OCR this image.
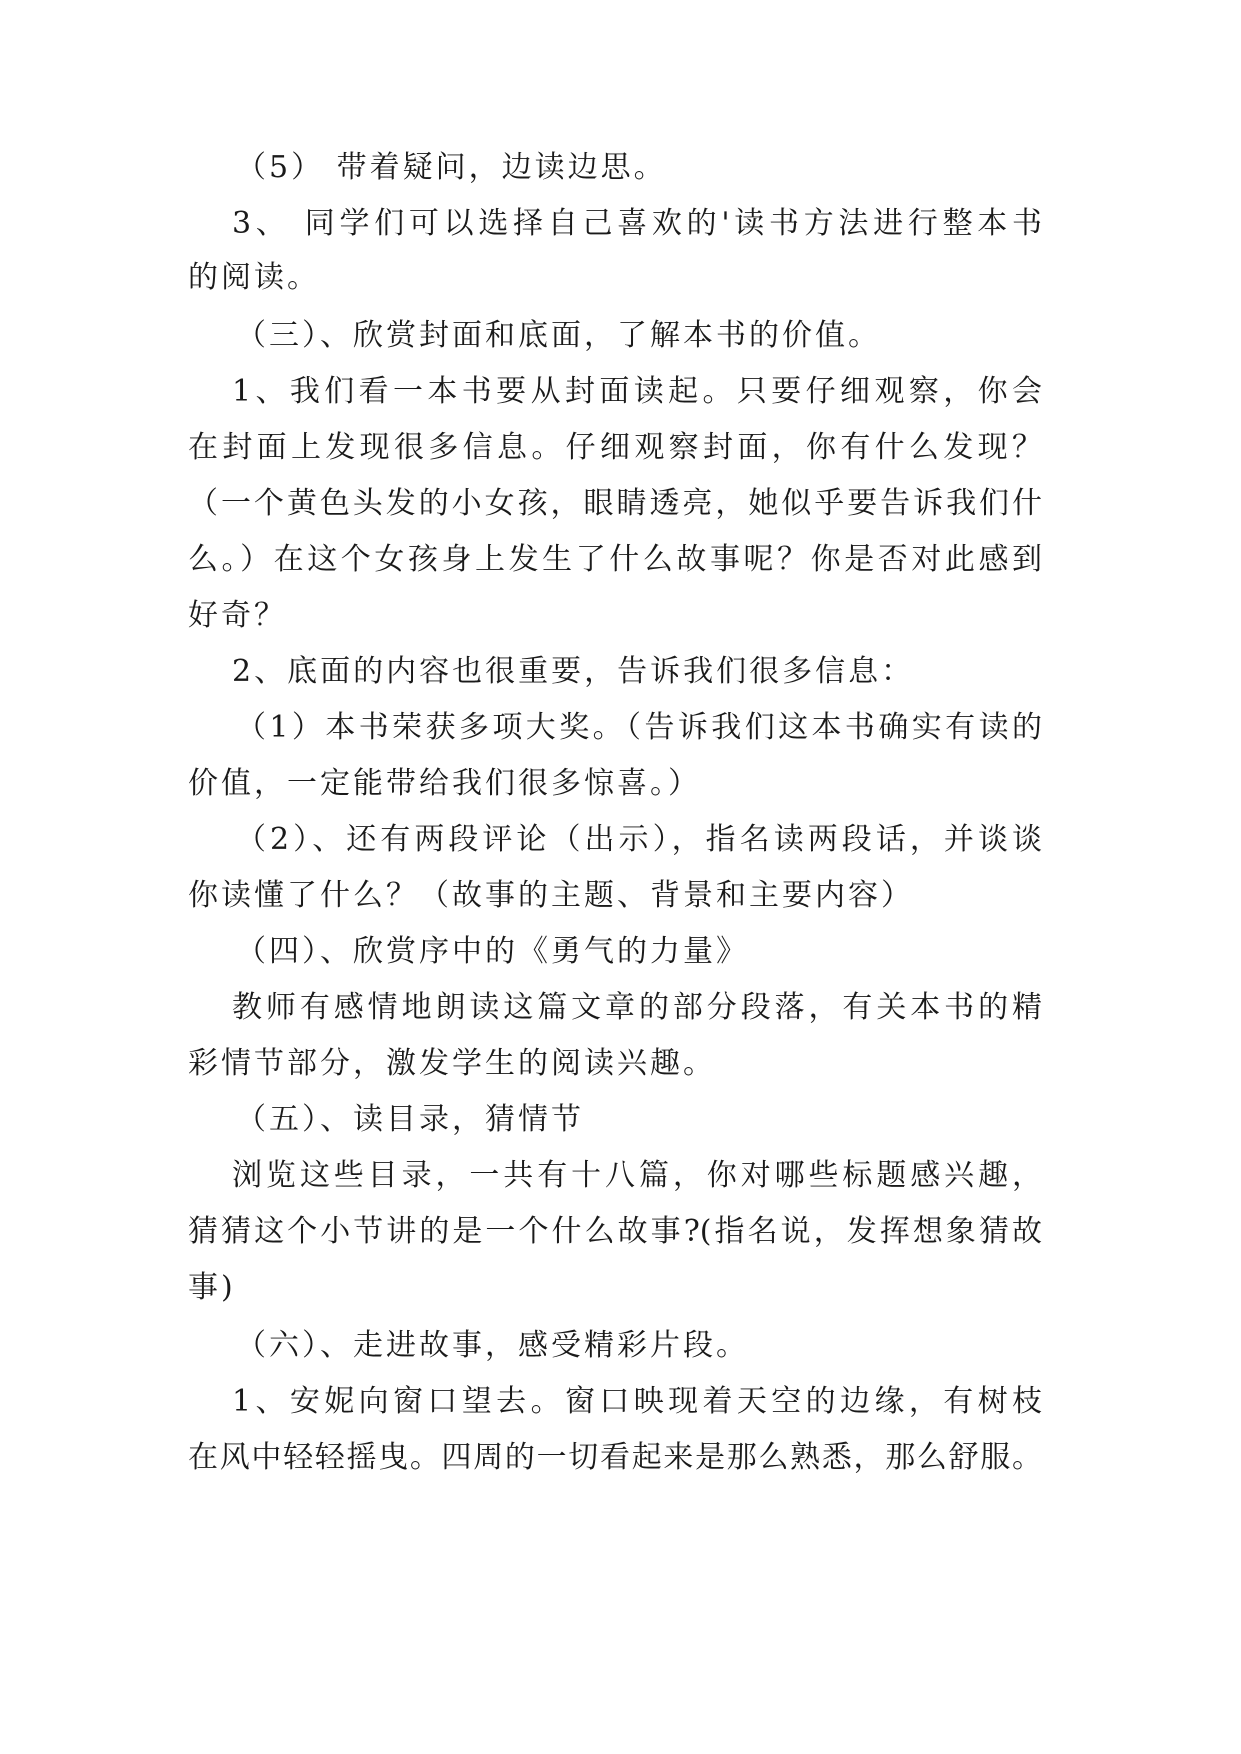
（5） 带着疑问，边读边思。
3、 同学们可以选择自己喜欢的'读书方法进行整本书
的阅读。
（三）、欣赏封面和底面，了解本书的价值。
1、我们看一本书要从封面读起。只要仔细观察，你会
在封面上发现很多信息。仔细观察封面，你有什么发现？
（一个黄色头发的小女孩，眼睛透亮，她似乎要告诉我们什
么。）在这个女孩身上发生了什么故事呢？你是否对此感到
好奇？
2、底面的内容也很重要，告诉我们很多信息：
（1）本书荣获多项大奖。（告诉我们这本书确实有读的
价值，一定能带给我们很多惊喜。）
（2）、还有两段评论（出示），指名读两段话，并谈谈
你读懂了什么？（故事的主题、背景和主要内容）
（四）、欣赏序中的《勇气的力量》
教师有感情地朗读这篇文章的部分段落，有关本书的精
彩情节部分，激发学生的阅读兴趣。
（五）、读目录，猜情节
浏览这些目录，一共有十八篇，你对哪些标题感兴趣，
猜猜这个小节讲的是一个什么故事?(指名说，发挥想象猜故
事)
（六）、走进故事，感受精彩片段。
1、安妮向窗口望去。窗口映现着天空的边缘，有树枝
在风中轻轻摇曳。四周的一切看起来是那么熟悉，那么舒服。
